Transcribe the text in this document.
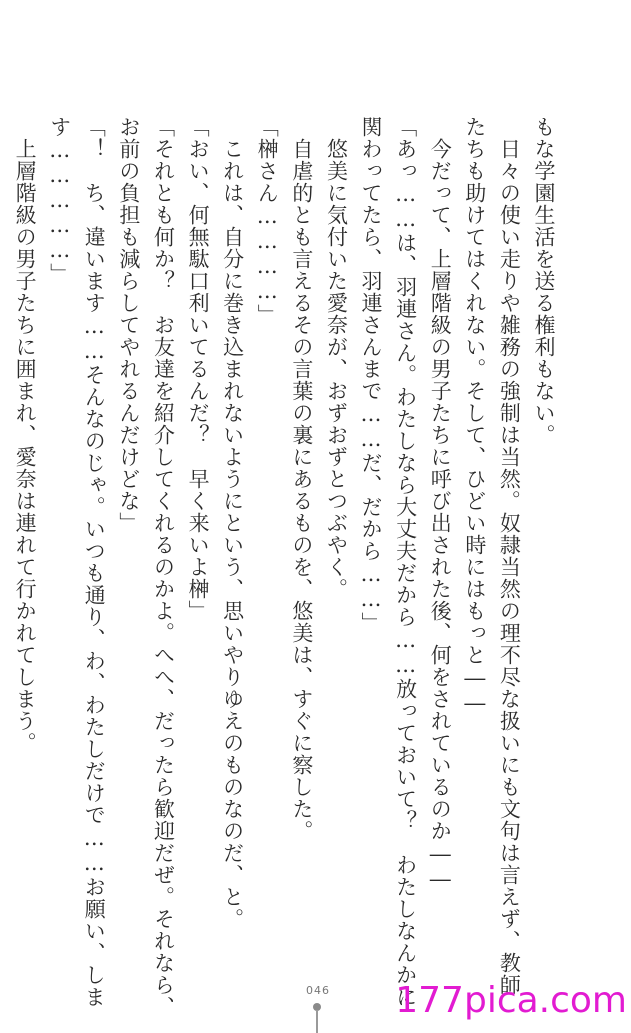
もな学園生活を送る権利もない。
　日々の使い走りや雑務の強制は当然。奴隷当然の理不尽な扱いにも文句は言えず、教師
たちも助けてはくれない。そして、ひどい時にはもっと――
　今だって、上層階級の男子たちに呼び出された後、何をされているのか――
「あっ……は、羽連さん。わたしなら大丈夫だから……放っておいて？　わたしなんかに
関わってたら、羽連さんまで……だ、だから……」
　悠美に気付いた愛奈が、おずおずとつぶやく。
　自虐的とも言えるその言葉の裏にあるものを、悠美は、すぐに察した。
「榊さん…………」
　これは、自分に巻き込まれないようにという、思いやりゆえのものなのだ、と。
「おい、何無駄口利いてるんだ？　早く来いよ榊」
「それとも何か？　お友達を紹介してくれるのかよ。へへ、だったら歓迎だぜ。それなら、
お前の負担も減らしてやれるんだけどな」
「！　ち、違います……そんなのじゃ。いつも通り、わ、わたしだけで……お願い、しま
す……………」
　上層階級の男子たちに囲まれ、愛奈は連れて行かれてしまう。
046 177pica.com
